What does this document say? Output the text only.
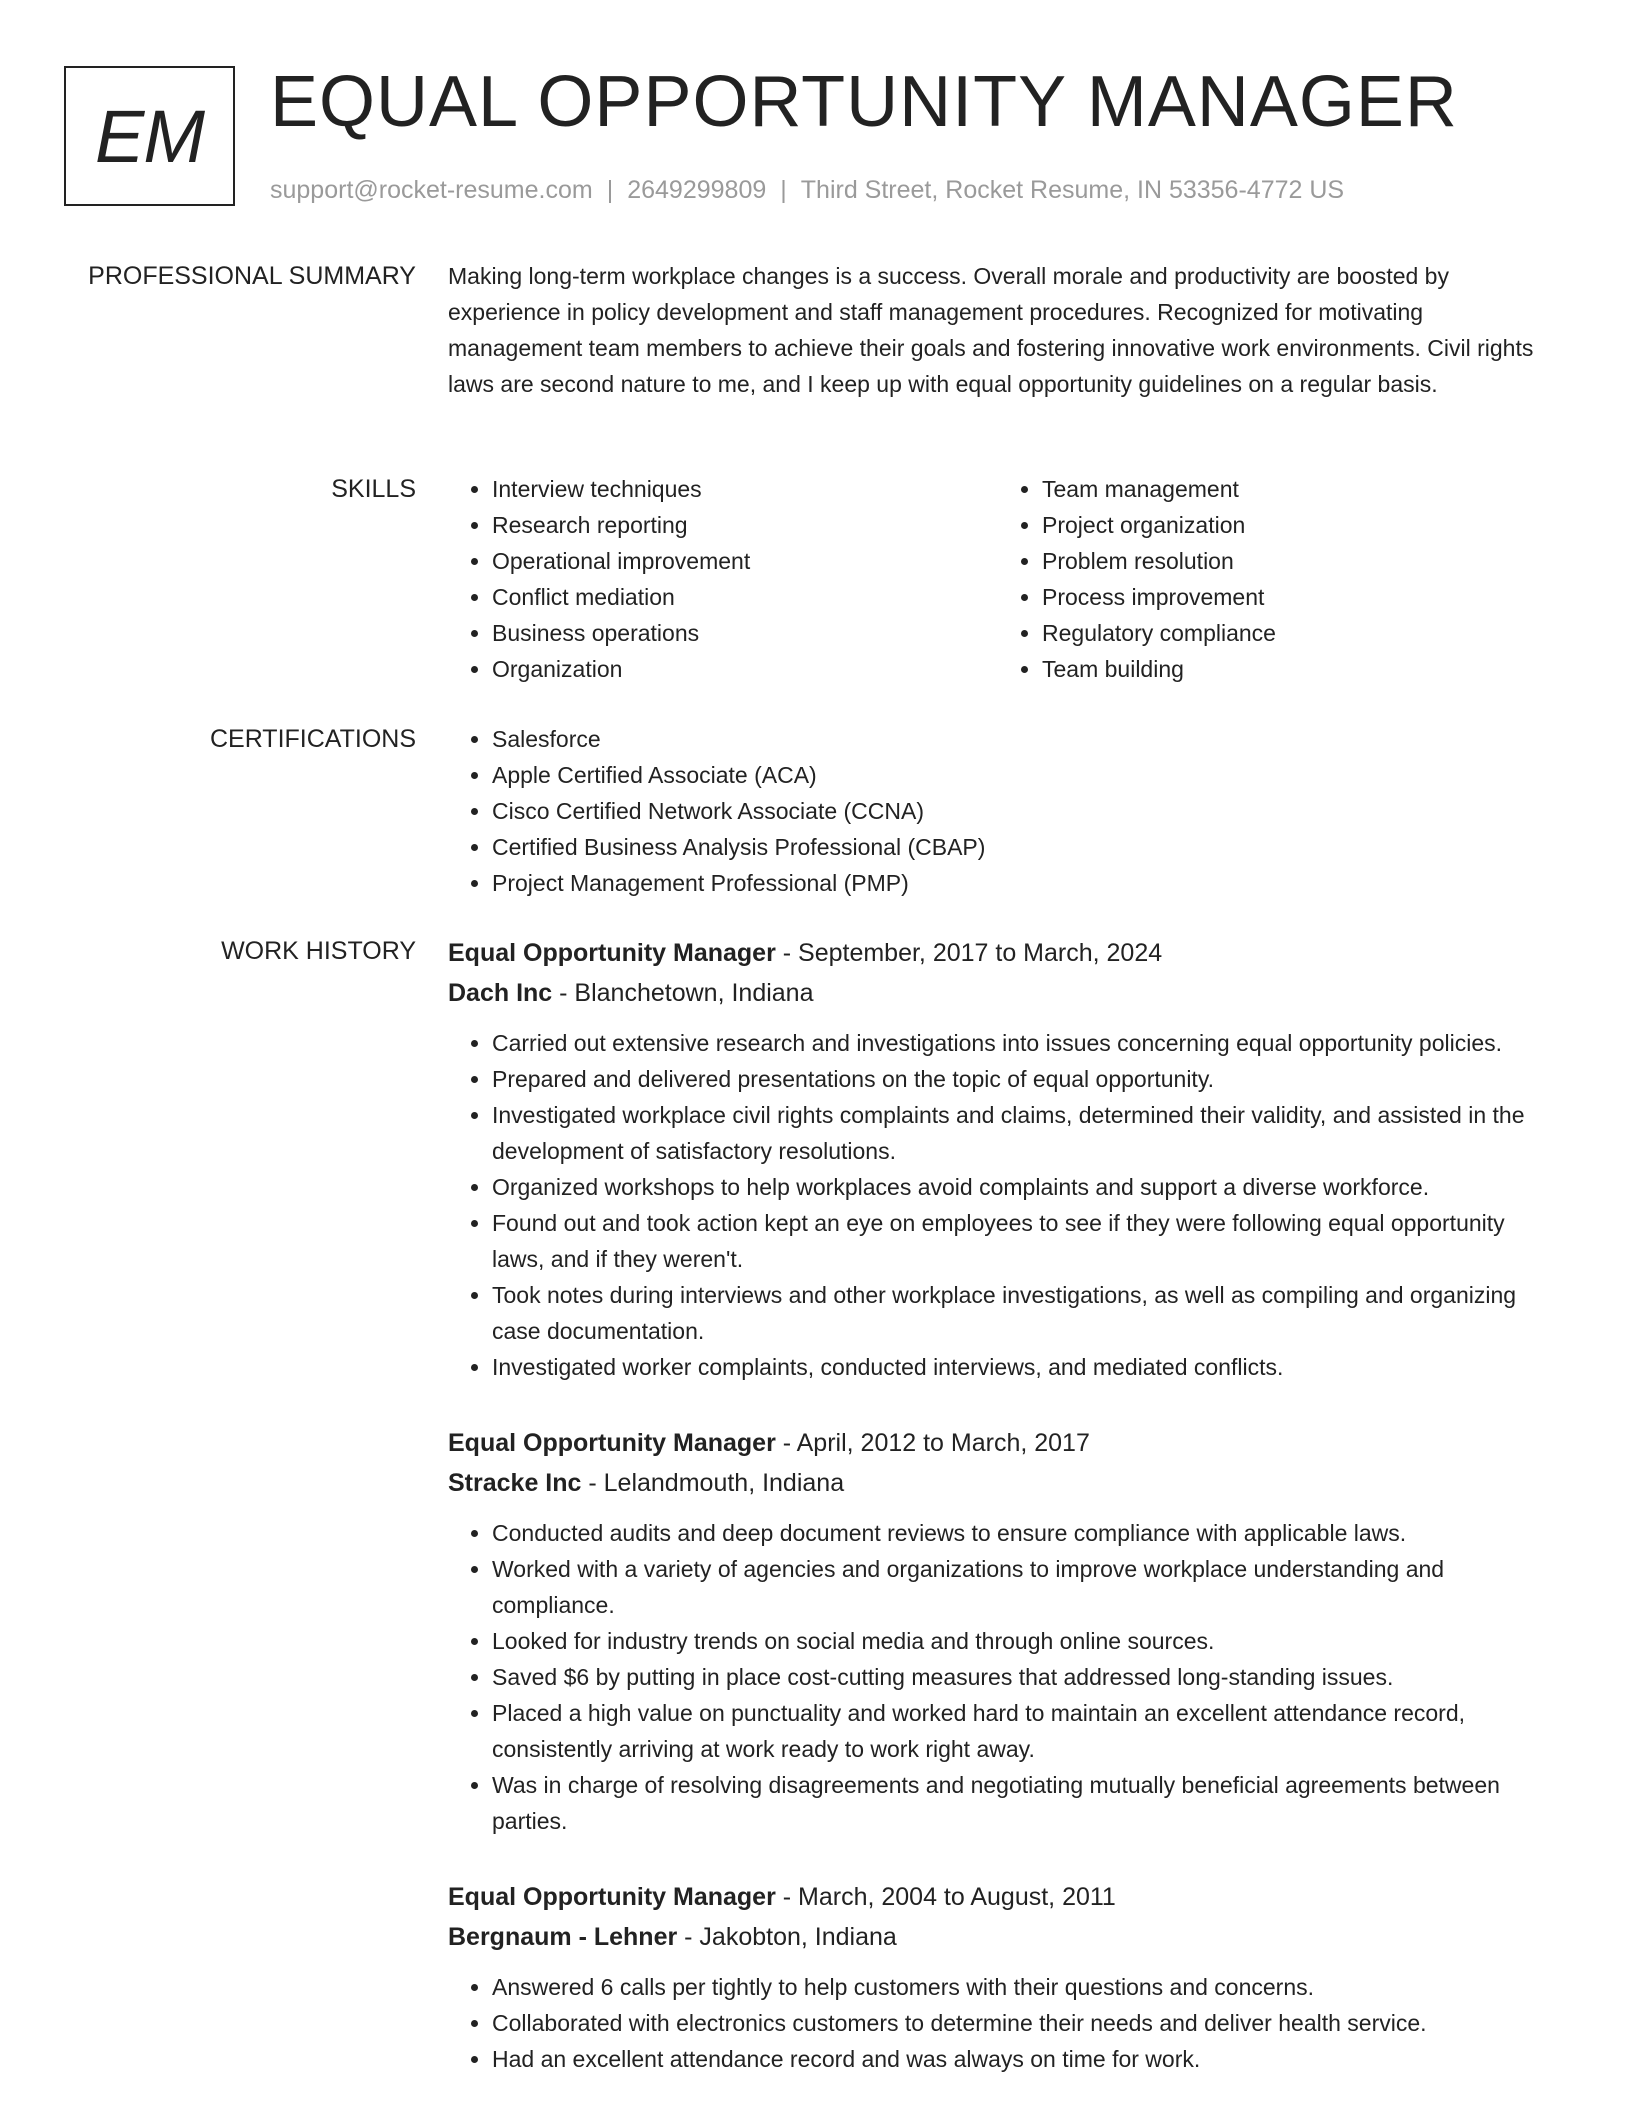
EM EQUAL OPPORTUNITY MANAGER
support@rocket-resume.com | 2649299809 | Third Street, Rocket Resume, IN 53356-4772 US
PROFESSIONAL SUMMARY Making long-term workplace changes is a success. Overall morale and productivity are boosted by experience in policy development and staff management procedures. Recognized for motivating management team members to achieve their goals and fostering innovative work environments. Civil rights laws are second nature to me, and I keep up with equal opportunity guidelines on a regular basis.

SKILLS	• Interview techniques
• Research reporting
• Operational improvement
• Conflict mediation
• Business operations
• Organization
• Team management
• Project organization
• Problem resolution
• Process improvement
• Regulatory compliance
• Team building
CERTIFICATIONS	• Salesforce
• Apple Certified Associate (ACA)
• Cisco Certified Network Associate (CCNA)
• Certified Business Analysis Professional (CBAP)
• Project Management Professional (PMP)
WORK HISTORY Equal Opportunity Manager - September, 2017 to March, 2024
Dach Inc - Blanchetown, Indiana
• Carried out extensive research and investigations into issues concerning equal opportunity policies.
• Prepared and delivered presentations on the topic of equal opportunity.
• Investigated workplace civil rights complaints and claims, determined their validity, and assisted in the development of satisfactory resolutions.
• Organized workshops to help workplaces avoid complaints and support a diverse workforce.
• Found out and took action kept an eye on employees to see if they were following equal opportunity laws, and if they weren't.
• Took notes during interviews and other workplace investigations, as well as compiling and organizing case documentation.
• Investigated worker complaints, conducted interviews, and mediated conflicts.
Equal Opportunity Manager - April, 2012 to March, 2017
Stracke Inc - Lelandmouth, Indiana
• Conducted audits and deep document reviews to ensure compliance with applicable laws.
• Worked with a variety of agencies and organizations to improve workplace understanding and compliance.
• Looked for industry trends on social media and through online sources.
• Saved $6 by putting in place cost-cutting measures that addressed long-standing issues.
• Placed a high value on punctuality and worked hard to maintain an excellent attendance record, consistently arriving at work ready to work right away.
• Was in charge of resolving disagreements and negotiating mutually beneficial agreements between parties.
Equal Opportunity Manager - March, 2004 to August, 2011
Bergnaum - Lehner - Jakobton, Indiana
• Answered 6 calls per tightly to help customers with their questions and concerns.
• Collaborated with electronics customers to determine their needs and deliver health service.
• Had an excellent attendance record and was always on time for work.
